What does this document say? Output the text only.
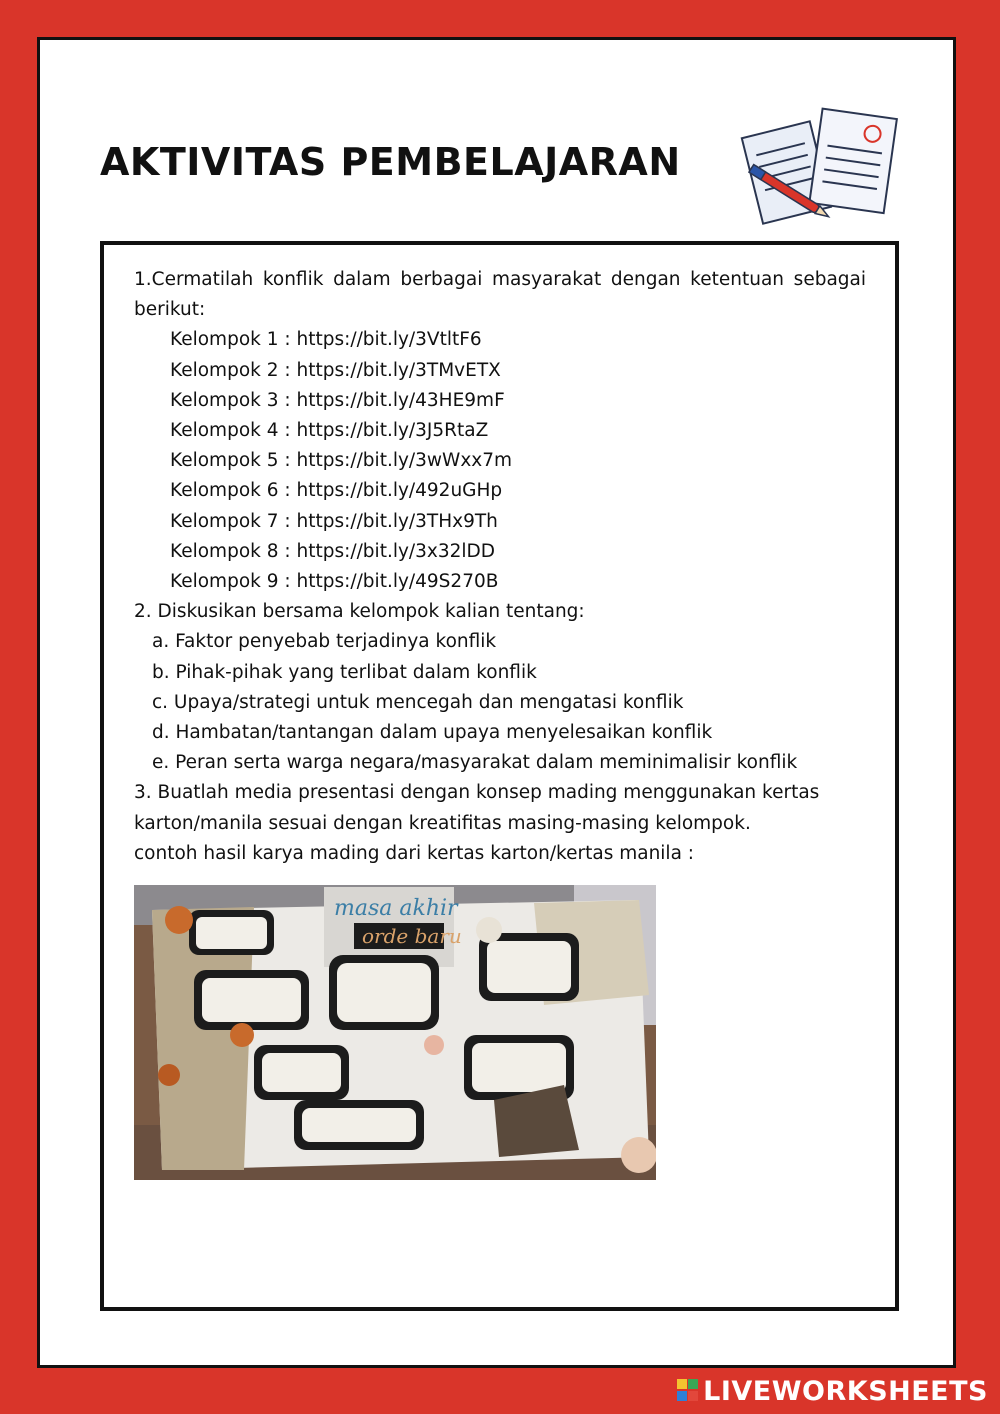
AKTIVITAS PEMBELAJARAN
1.Cermatilah konflik dalam berbagai masyarakat dengan ketentuan sebagai berikut:
Kelompok 1 : https://bit.ly/3VtltF6
Kelompok 2 : https://bit.ly/3TMvETX
Kelompok 3 : https://bit.ly/43HE9mF
Kelompok 4 : https://bit.ly/3J5RtaZ
Kelompok 5 : https://bit.ly/3wWxx7m
Kelompok 6 : https://bit.ly/492uGHp
Kelompok 7 : https://bit.ly/3THx9Th
Kelompok 8 : https://bit.ly/3x32lDD
Kelompok 9 : https://bit.ly/49S270B
2. Diskusikan bersama kelompok kalian tentang:
a. Faktor penyebab terjadinya konflik
b. Pihak-pihak yang terlibat dalam konflik
c. Upaya/strategi untuk mencegah dan mengatasi konflik
d. Hambatan/tantangan dalam upaya menyelesaikan konflik
e. Peran serta warga negara/masyarakat dalam meminimalisir konflik
3. Buatlah media presentasi dengan konsep mading menggunakan kertas
karton/manila sesuai dengan kreatifitas masing-masing kelompok.
contoh hasil karya mading dari kertas karton/kertas manila :
masa akhir
orde baru
LIVEWORKSHEETS
